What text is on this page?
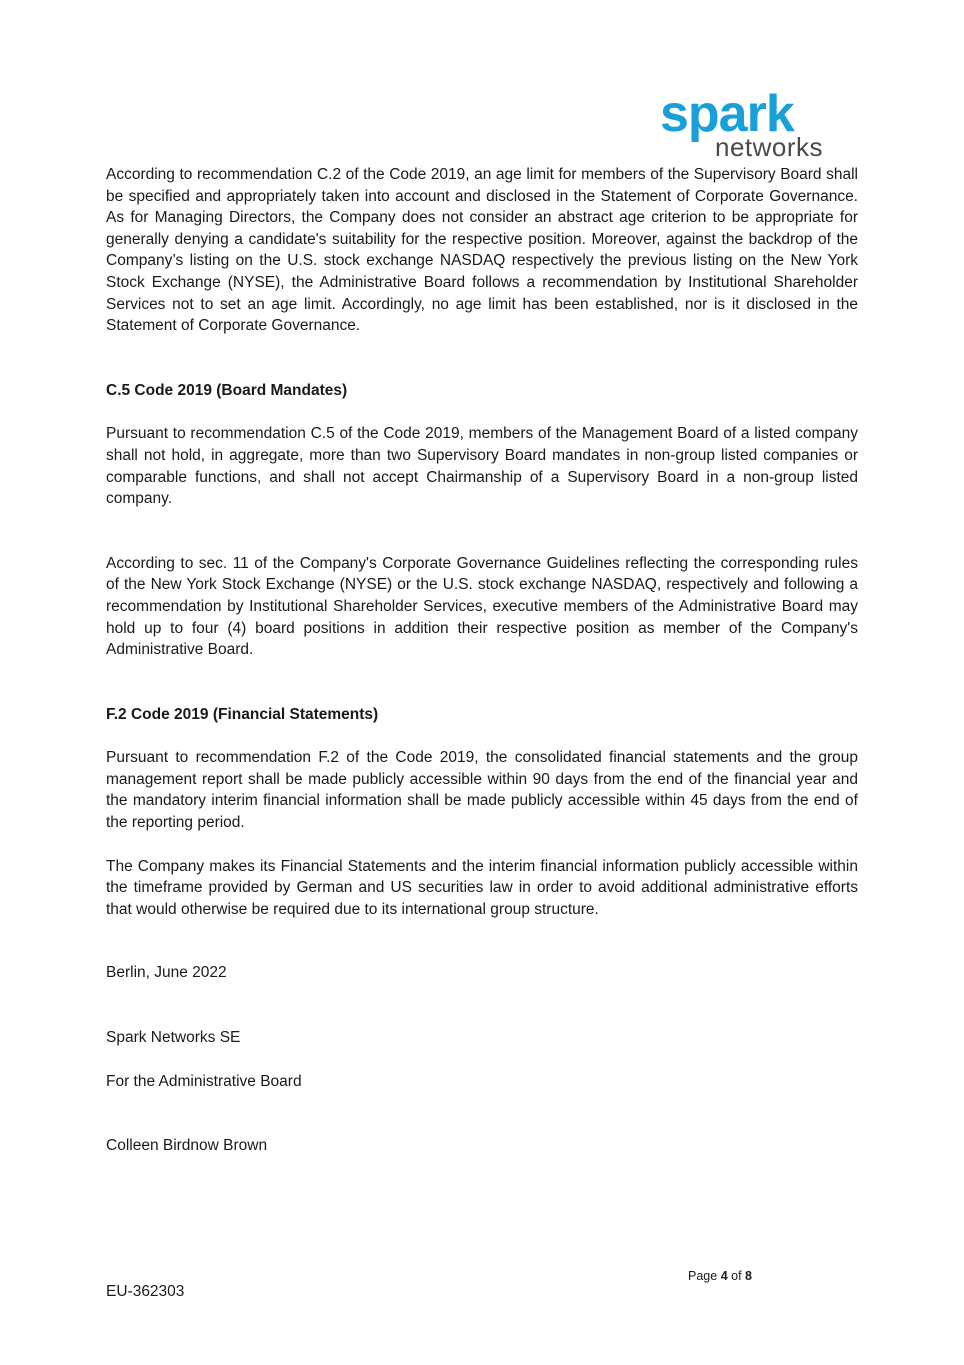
spark
networks

According to recommendation C.2 of the Code 2019, an age limit for members of the Supervisory Board shall be specified and appropriately taken into account and disclosed in the Statement of Corporate Governance. As for Managing Directors, the Company does not consider an abstract age criterion to be appropriate for generally denying a candidate's suitability for the respective position. Moreover, against the backdrop of the Company’s listing on the U.S. stock exchange NASDAQ respectively the previous listing on the New York Stock Exchange (NYSE), the Administrative Board follows a recommendation by Institutional Shareholder Services not to set an age limit. Accordingly, no age limit has been established, nor is it disclosed in the Statement of Corporate Governance.

C.5 Code 2019 (Board Mandates)

Pursuant to recommendation C.5 of the Code 2019, members of the Management Board of a listed company shall not hold, in aggregate, more than two Supervisory Board mandates in non-group listed companies or comparable functions, and shall not accept Chairmanship of a Supervisory Board in a non-group listed company.

According to sec. 11 of the Company's Corporate Governance Guidelines reflecting the corresponding rules of the New York Stock Exchange (NYSE) or the U.S. stock exchange NASDAQ, respectively and following a recommendation by Institutional Shareholder Services, executive members of the Administrative Board may hold up to four (4) board positions in addition their respective position as member of the Company's Administrative Board.

F.2 Code 2019 (Financial Statements)

Pursuant to recommendation F.2 of the Code 2019, the consolidated financial statements and the group management report shall be made publicly accessible within 90 days from the end of the financial year and the mandatory interim financial information shall be made publicly accessible within 45 days from the end of the reporting period.

The Company makes its Financial Statements and the interim financial information publicly accessible within the timeframe provided by German and US securities law in order to avoid additional administrative efforts that would otherwise be required due to its international group structure.

Berlin, June 2022

Spark Networks SE

For the Administrative Board

Colleen Birdnow Brown

Page 4 of 8
EU-362303
